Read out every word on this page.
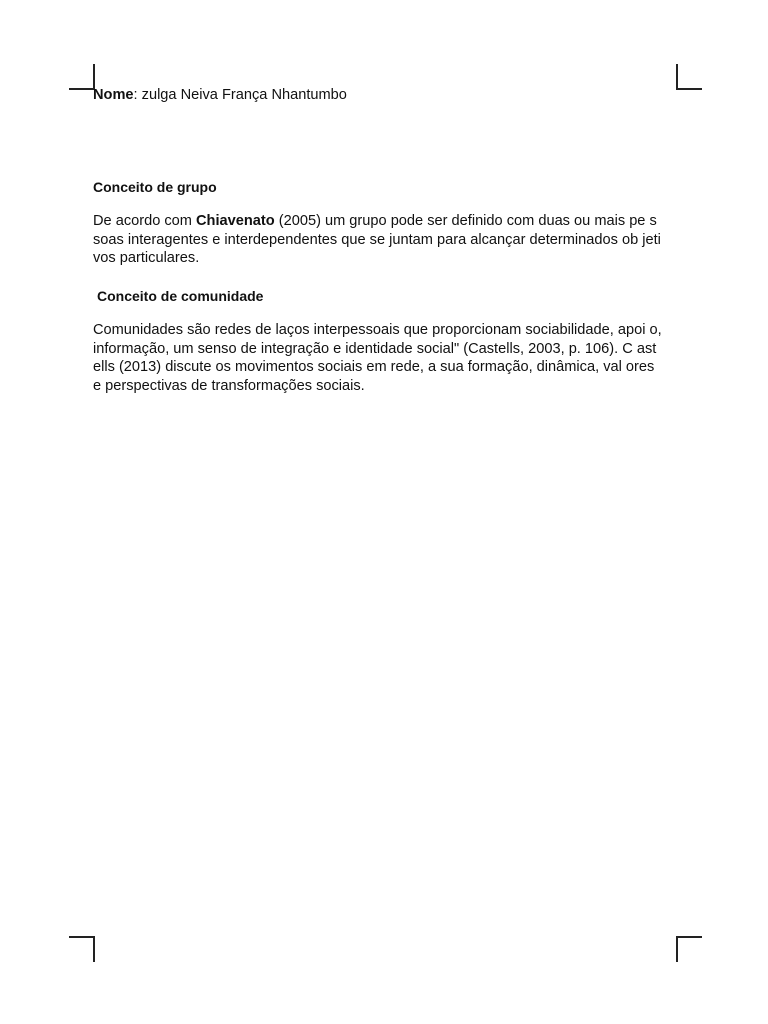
Nome: zulga Neiva França Nhantumbo

Conceito de grupo

De acordo com Chiavenato (2005) um grupo pode ser definido com duas ou mais pe ssoas interagentes e interdependentes que se juntam para alcançar determinados ob jetivos particulares.

Conceito de comunidade

Comunidades são redes de laços interpessoais que proporcionam sociabilidade, apoi o, informação, um senso de integração e identidade social" (Castells, 2003, p. 106). C astells (2013) discute os movimentos sociais em rede, a sua formação, dinâmica, val ores e perspectivas de transformações sociais.
